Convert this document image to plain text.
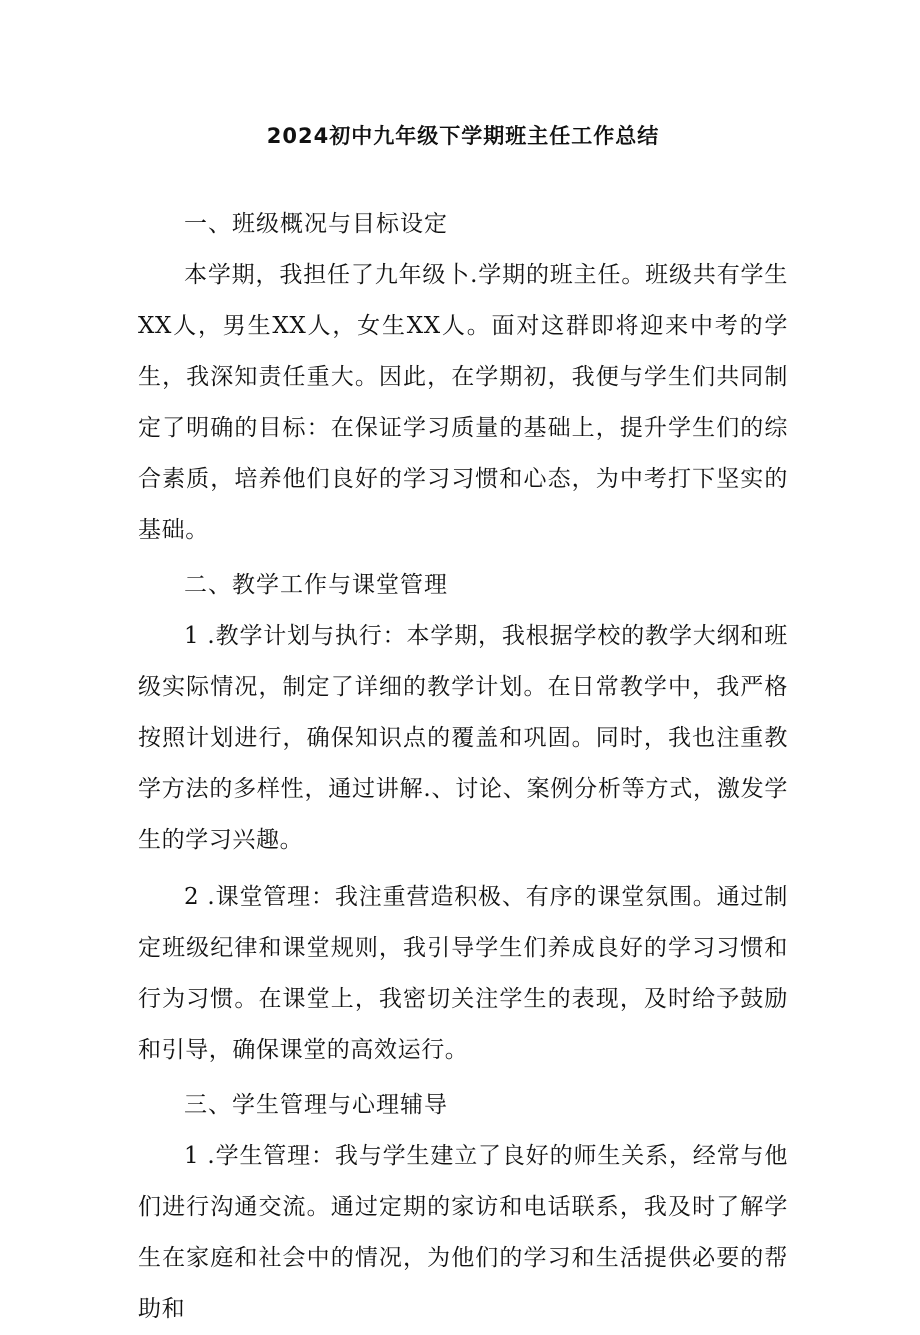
2024初中九年级下学期班主任工作总结

一、班级概况与目标设定

本学期，我担任了九年级卜.学期的班主任。班级共有学生XX人，男生XX人，女生XX人。面对这群即将迎来中考的学生，我深知责任重大。因此，在学期初，我便与学生们共同制定了明确的目标：在保证学习质量的基础上，提升学生们的综合素质，培养他们良好的学习习惯和心态，为中考打下坚实的基础。

二、教学工作与课堂管理

1 .教学计划与执行：本学期，我根据学校的教学大纲和班级实际情况，制定了详细的教学计划。在日常教学中，我严格按照计划进行，确保知识点的覆盖和巩固。同时，我也注重教学方法的多样性，通过讲解.、讨论、案例分析等方式，激发学生的学习兴趣。

2 .课堂管理：我注重营造积极、有序的课堂氛围。通过制定班级纪律和课堂规则，我引导学生们养成良好的学习习惯和行为习惯。在课堂上，我密切关注学生的表现，及时给予鼓励和引导，确保课堂的高效运行。

三、学生管理与心理辅导

1 .学生管理：我与学生建立了良好的师生关系，经常与他们进行沟通交流。通过定期的家访和电话联系，我及时了解学生在家庭和社会中的情况，为他们的学习和生活提供必要的帮助和
